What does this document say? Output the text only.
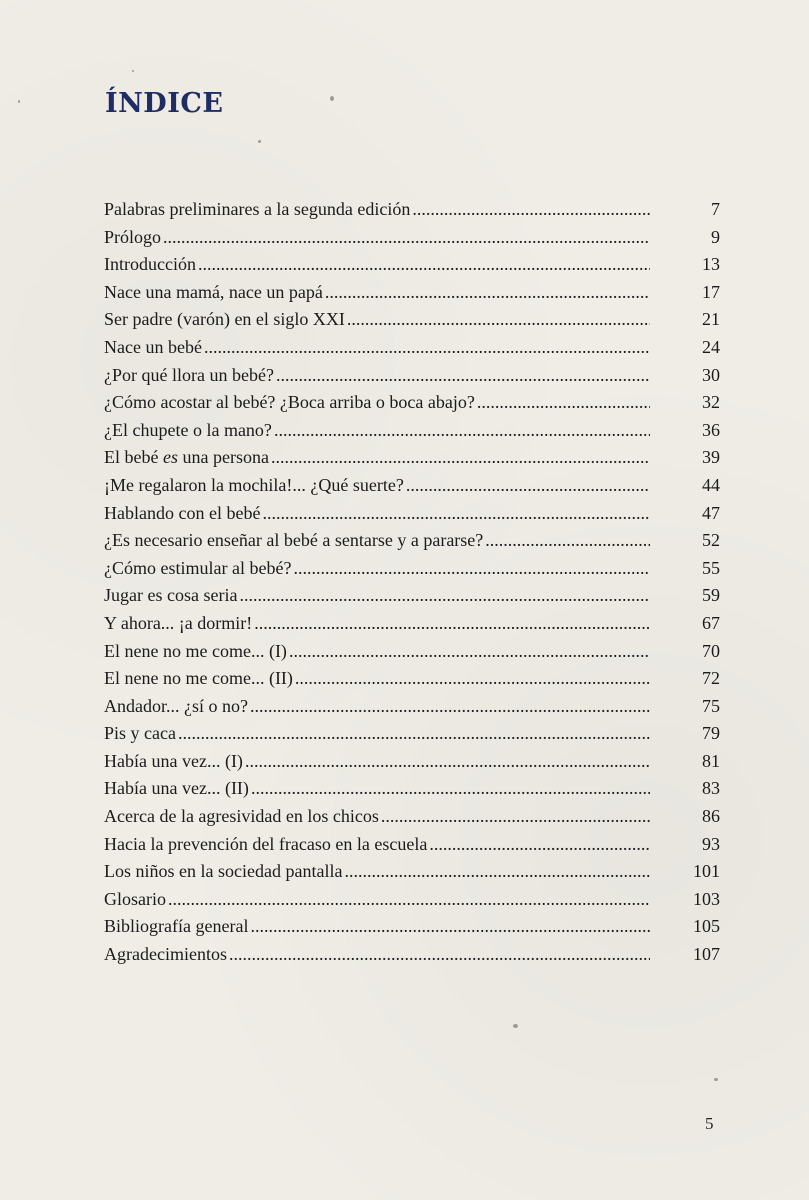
ÍNDICE
Palabras preliminares a la segunda edición .....	7
Prólogo .....	9
Introducción .....	13
Nace una mamá, nace un papá .....	17
Ser padre (varón) en el siglo XXI .....	21
Nace un bebé .....	24
¿Por qué llora un bebé? .....	30
¿Cómo acostar al bebé? ¿Boca arriba o boca abajo? .....	32
¿El chupete o la mano? .....	36
El bebé es una persona .....	39
¡Me regalaron la mochila!... ¿Qué suerte? .....	44
Hablando con el bebé .....	47
¿Es necesario enseñar al bebé a sentarse y a pararse? .....	52
¿Cómo estimular al bebé? .....	55
Jugar es cosa seria .....	59
Y ahora... ¡a dormir! .....	67
El nene no me come... (I) .....	70
El nene no me come... (II) .....	72
Andador... ¿sí o no? .....	75
Pis y caca .....	79
Había una vez... (I) .....	81
Había una vez... (II) .....	83
Acerca de la agresividad en los chicos .....	86
Hacia la prevención del fracaso en la escuela .....	93
Los niños en la sociedad pantalla .....	101
Glosario .....	103
Bibliografía general .....	105
Agradecimientos .....	107
5
